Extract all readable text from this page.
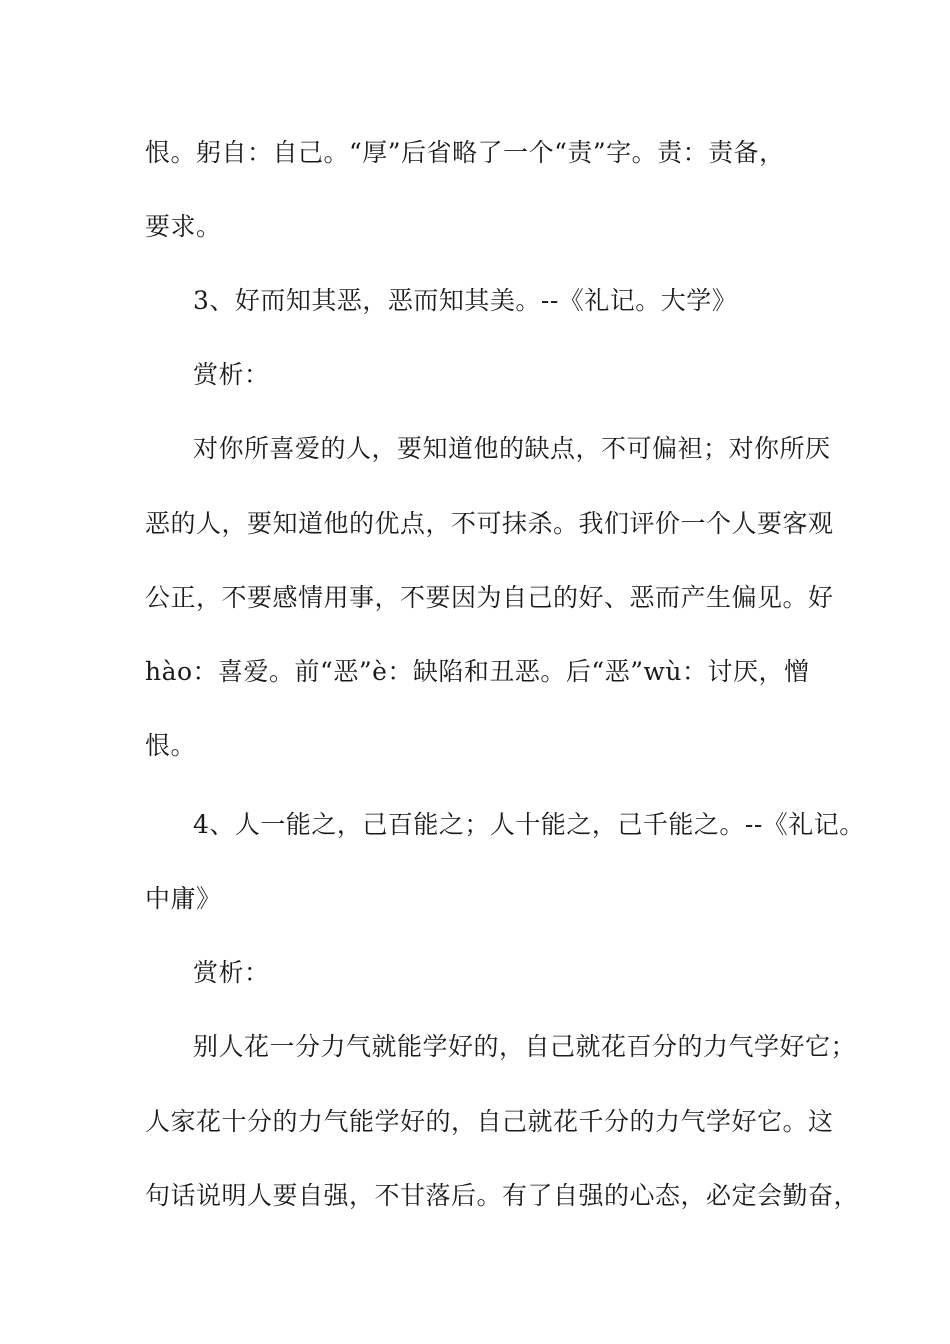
恨。躬自：自己。“厚”后省略了一个“责”字。责：责备，
要求。
3、好而知其恶，恶而知其美。--《礼记。大学》
赏析：
对你所喜爱的人，要知道他的缺点，不可偏袒；对你所厌
恶的人，要知道他的优点，不可抹杀。我们评价一个人要客观
公正，不要感情用事，不要因为自己的好、恶而产生偏见。好
hào：喜爱。前“恶”è：缺陷和丑恶。后“恶”wù：讨厌，憎
恨。
4、人一能之，己百能之；人十能之，己千能之。--《礼记。
中庸》
赏析：
别人花一分力气就能学好的，自己就花百分的力气学好它；
人家花十分的力气能学好的，自己就花千分的力气学好它。这
句话说明人要自强，不甘落后。有了自强的心态，必定会勤奋，
